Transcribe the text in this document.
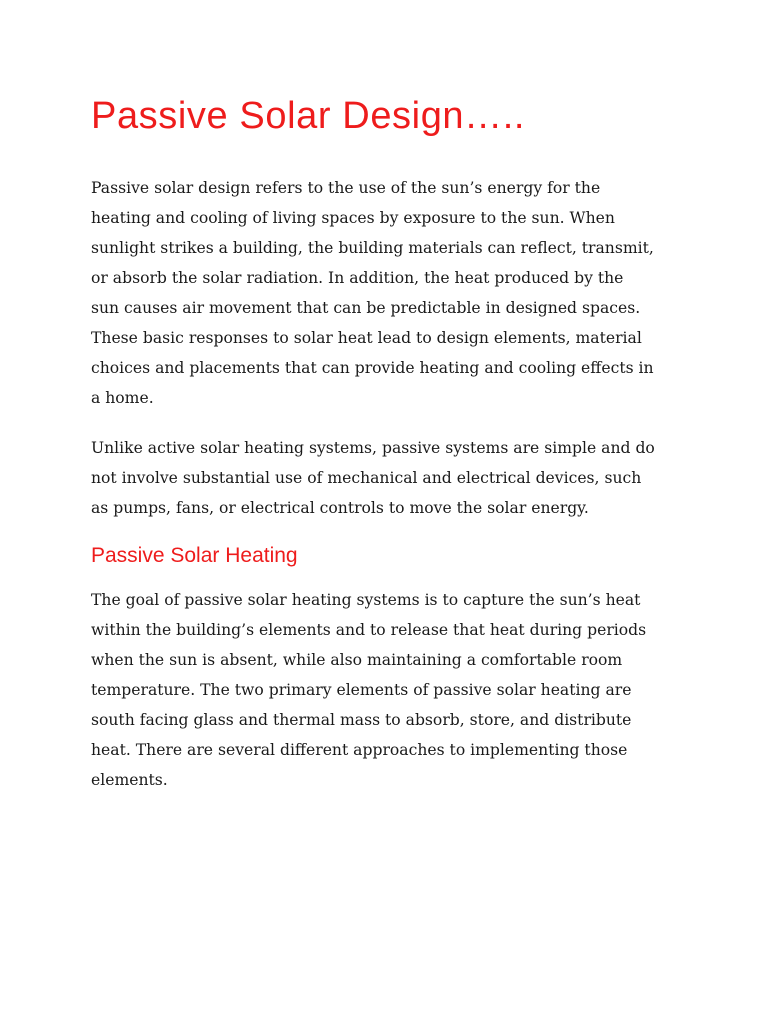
Passive Solar Design…..

Passive solar design refers to the use of the sun’s energy for the
heating and cooling of living spaces by exposure to the sun. When
sunlight strikes a building, the building materials can reflect, transmit,
or absorb the solar radiation. In addition, the heat produced by the
sun causes air movement that can be predictable in designed spaces.
These basic responses to solar heat lead to design elements, material
choices and placements that can provide heating and cooling effects in
a home.

Unlike active solar heating systems, passive systems are simple and do
not involve substantial use of mechanical and electrical devices, such
as pumps, fans, or electrical controls to move the solar energy.

Passive Solar Heating

The goal of passive solar heating systems is to capture the sun’s heat
within the building’s elements and to release that heat during periods
when the sun is absent, while also maintaining a comfortable room
temperature. The two primary elements of passive solar heating are
south facing glass and thermal mass to absorb, store, and distribute
heat. There are several different approaches to implementing those
elements.
